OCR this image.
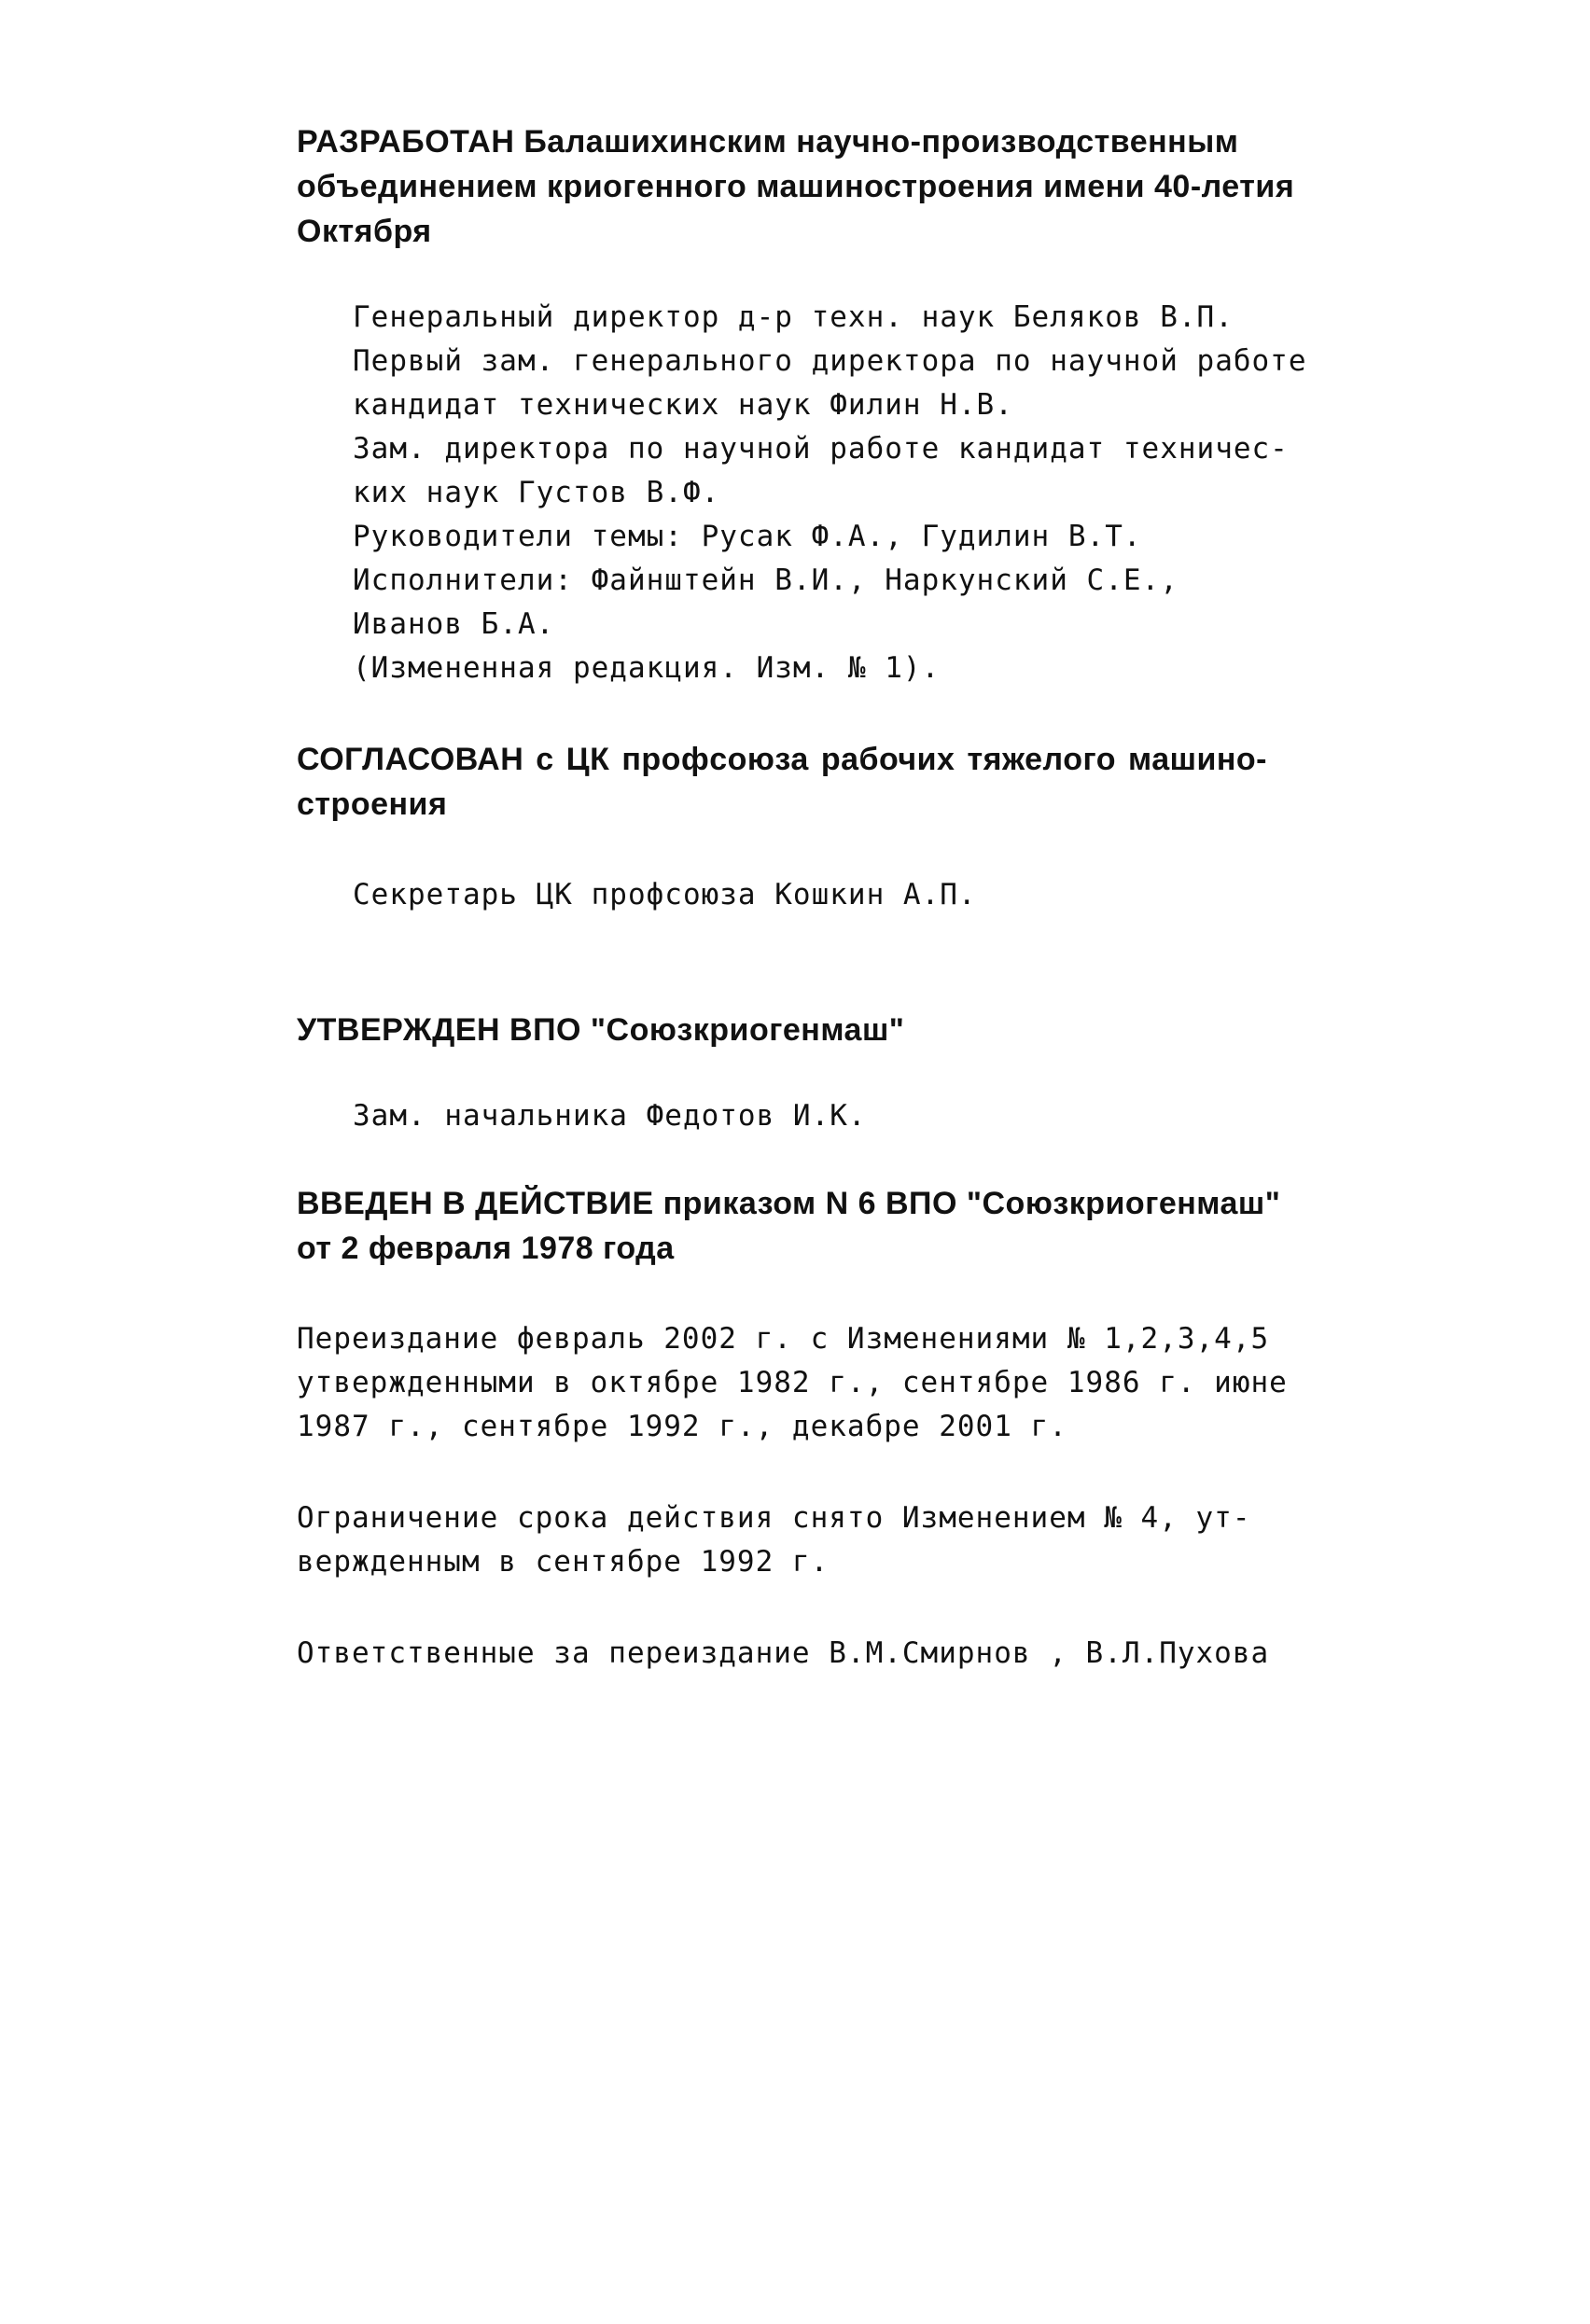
РАЗРАБОТАН Балашихинским научно-производственным
объединением криогенного машиностроения имени 40-летия
Октября
Генеральный директор д-р техн. наук Беляков В.П.
Первый зам. генерального директора по научной работе
кандидат технических наук Филин Н.В.
Зам. директора по научной работе кандидат техничес-
ких наук Густов В.Ф.
Руководители темы: Русак Ф.А., Гудилин В.Т.
Исполнители: Файнштейн В.И., Наркунский С.Е.,
Иванов Б.А.
(Измененная редакция. Изм. № 1).
СОГЛАСОВАН с ЦК профсоюза рабочих тяжелого машино-
строения
Секретарь ЦК профсоюза Кошкин А.П.
УТВЕРЖДЕН ВПО "Союзкриогенмаш"
Зам. начальника Федотов И.К.
ВВЕДЕН В ДЕЙСТВИЕ приказом N 6 ВПО "Союзкриогенмаш"
от 2 февраля 1978 года
Переиздание февраль 2002 г. с Изменениями № 1,2,3,4,5
утвержденными в октябре 1982 г., сентябре 1986 г. июне
1987 г., сентябре 1992 г., декабре 2001 г.
Ограничение срока действия снято Изменением № 4, ут-
вержденным в сентябре 1992 г.
Ответственные за переиздание В.М.Смирнов , В.Л.Пухова
